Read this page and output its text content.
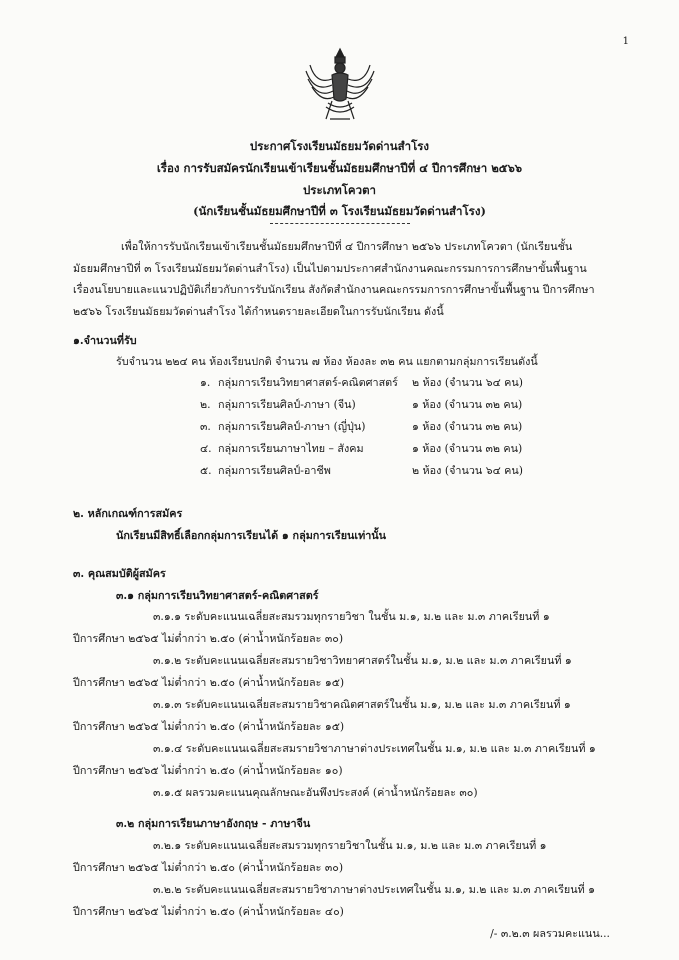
1
ประกาศโรงเรียนมัธยมวัดด่านสำโรง
เรื่อง การรับสมัครนักเรียนเข้าเรียนชั้นมัธยมศึกษาปีที่ ๔ ปีการศึกษา ๒๕๖๖
ประเภทโควตา
(นักเรียนชั้นมัธยมศึกษาปีที่ ๓ โรงเรียนมัธยมวัดด่านสำโรง)
เพื่อให้การรับนักเรียนเข้าเรียนชั้นมัธยมศึกษาปีที่ ๔ ปีการศึกษา ๒๕๖๖ ประเภทโควตา (นักเรียนชั้น
มัธยมศึกษาปีที่ ๓ โรงเรียนมัธยมวัดด่านสำโรง) เป็นไปตามประกาศสำนักงานคณะกรรมการการศึกษาขั้นพื้นฐาน
เรื่องนโยบายและแนวปฏิบัติเกี่ยวกับการรับนักเรียน สังกัดสำนักงานคณะกรรมการการศึกษาขั้นพื้นฐาน ปีการศึกษา
๒๕๖๖ โรงเรียนมัธยมวัดด่านสำโรง ได้กำหนดรายละเอียดในการรับนักเรียน ดังนี้
๑.จำนวนที่รับ
รับจำนวน ๒๒๔ คน ห้องเรียนปกติ จำนวน ๗ ห้อง ห้องละ ๓๒ คน แยกตามกลุ่มการเรียนดังนี้
๑. กลุ่มการเรียนวิทยาศาสตร์-คณิตศาสตร์ ๒ ห้อง (จำนวน ๖๔ คน)
๒. กลุ่มการเรียนศิลป์-ภาษา (จีน)	๑ ห้อง (จำนวน ๓๒ คน)
๓. กลุ่มการเรียนศิลป์-ภาษา (ญี่ปุ่น)	๑ ห้อง (จำนวน ๓๒ คน)
๔. กลุ่มการเรียนภาษาไทย – สังคม	๑ ห้อง (จำนวน ๓๒ คน)
๕. กลุ่มการเรียนศิลป์-อาชีพ	๒ ห้อง (จำนวน ๖๔ คน)
๒. หลักเกณฑ์การสมัคร
นักเรียนมีสิทธิ์เลือกกลุ่มการเรียนได้ ๑ กลุ่มการเรียนเท่านั้น
๓. คุณสมบัติผู้สมัคร
๓.๑ กลุ่มการเรียนวิทยาศาสตร์-คณิตศาสตร์
๓.๑.๑ ระดับคะแนนเฉลี่ยสะสมรวมทุกรายวิชา ในชั้น ม.๑, ม.๒ และ ม.๓ ภาคเรียนที่ ๑
ปีการศึกษา ๒๕๖๕ ไม่ต่ำกว่า ๒.๕๐ (ค่าน้ำหนักร้อยละ ๓๐)
๓.๑.๒ ระดับคะแนนเฉลี่ยสะสมรายวิชาวิทยาศาสตร์ในชั้น ม.๑, ม.๒ และ ม.๓ ภาคเรียนที่ ๑
ปีการศึกษา ๒๕๖๕ ไม่ต่ำกว่า ๒.๕๐ (ค่าน้ำหนักร้อยละ ๑๕)
๓.๑.๓ ระดับคะแนนเฉลี่ยสะสมรายวิชาคณิตศาสตร์ในชั้น ม.๑, ม.๒ และ ม.๓ ภาคเรียนที่ ๑
ปีการศึกษา ๒๕๖๕ ไม่ต่ำกว่า ๒.๕๐ (ค่าน้ำหนักร้อยละ ๑๕)
๓.๑.๔ ระดับคะแนนเฉลี่ยสะสมรายวิชาภาษาต่างประเทศในชั้น ม.๑, ม.๒ และ ม.๓ ภาคเรียนที่ ๑
ปีการศึกษา ๒๕๖๕ ไม่ต่ำกว่า ๒.๕๐ (ค่าน้ำหนักร้อยละ ๑๐)
๓.๑.๕ ผลรวมคะแนนคุณลักษณะอันพึงประสงค์ (ค่าน้ำหนักร้อยละ ๓๐)
๓.๒ กลุ่มการเรียนภาษาอังกฤษ - ภาษาจีน
๓.๒.๑ ระดับคะแนนเฉลี่ยสะสมรวมทุกรายวิชาในชั้น ม.๑, ม.๒ และ ม.๓ ภาคเรียนที่ ๑
ปีการศึกษา ๒๕๖๕ ไม่ต่ำกว่า ๒.๕๐ (ค่าน้ำหนักร้อยละ ๓๐)
๓.๒.๒ ระดับคะแนนเฉลี่ยสะสมรายวิชาภาษาต่างประเทศในชั้น ม.๑, ม.๒ และ ม.๓ ภาคเรียนที่ ๑
ปีการศึกษา ๒๕๖๕ ไม่ต่ำกว่า ๒.๕๐ (ค่าน้ำหนักร้อยละ ๔๐)
/- ๓.๒.๓ ผลรวมคะแนน...
